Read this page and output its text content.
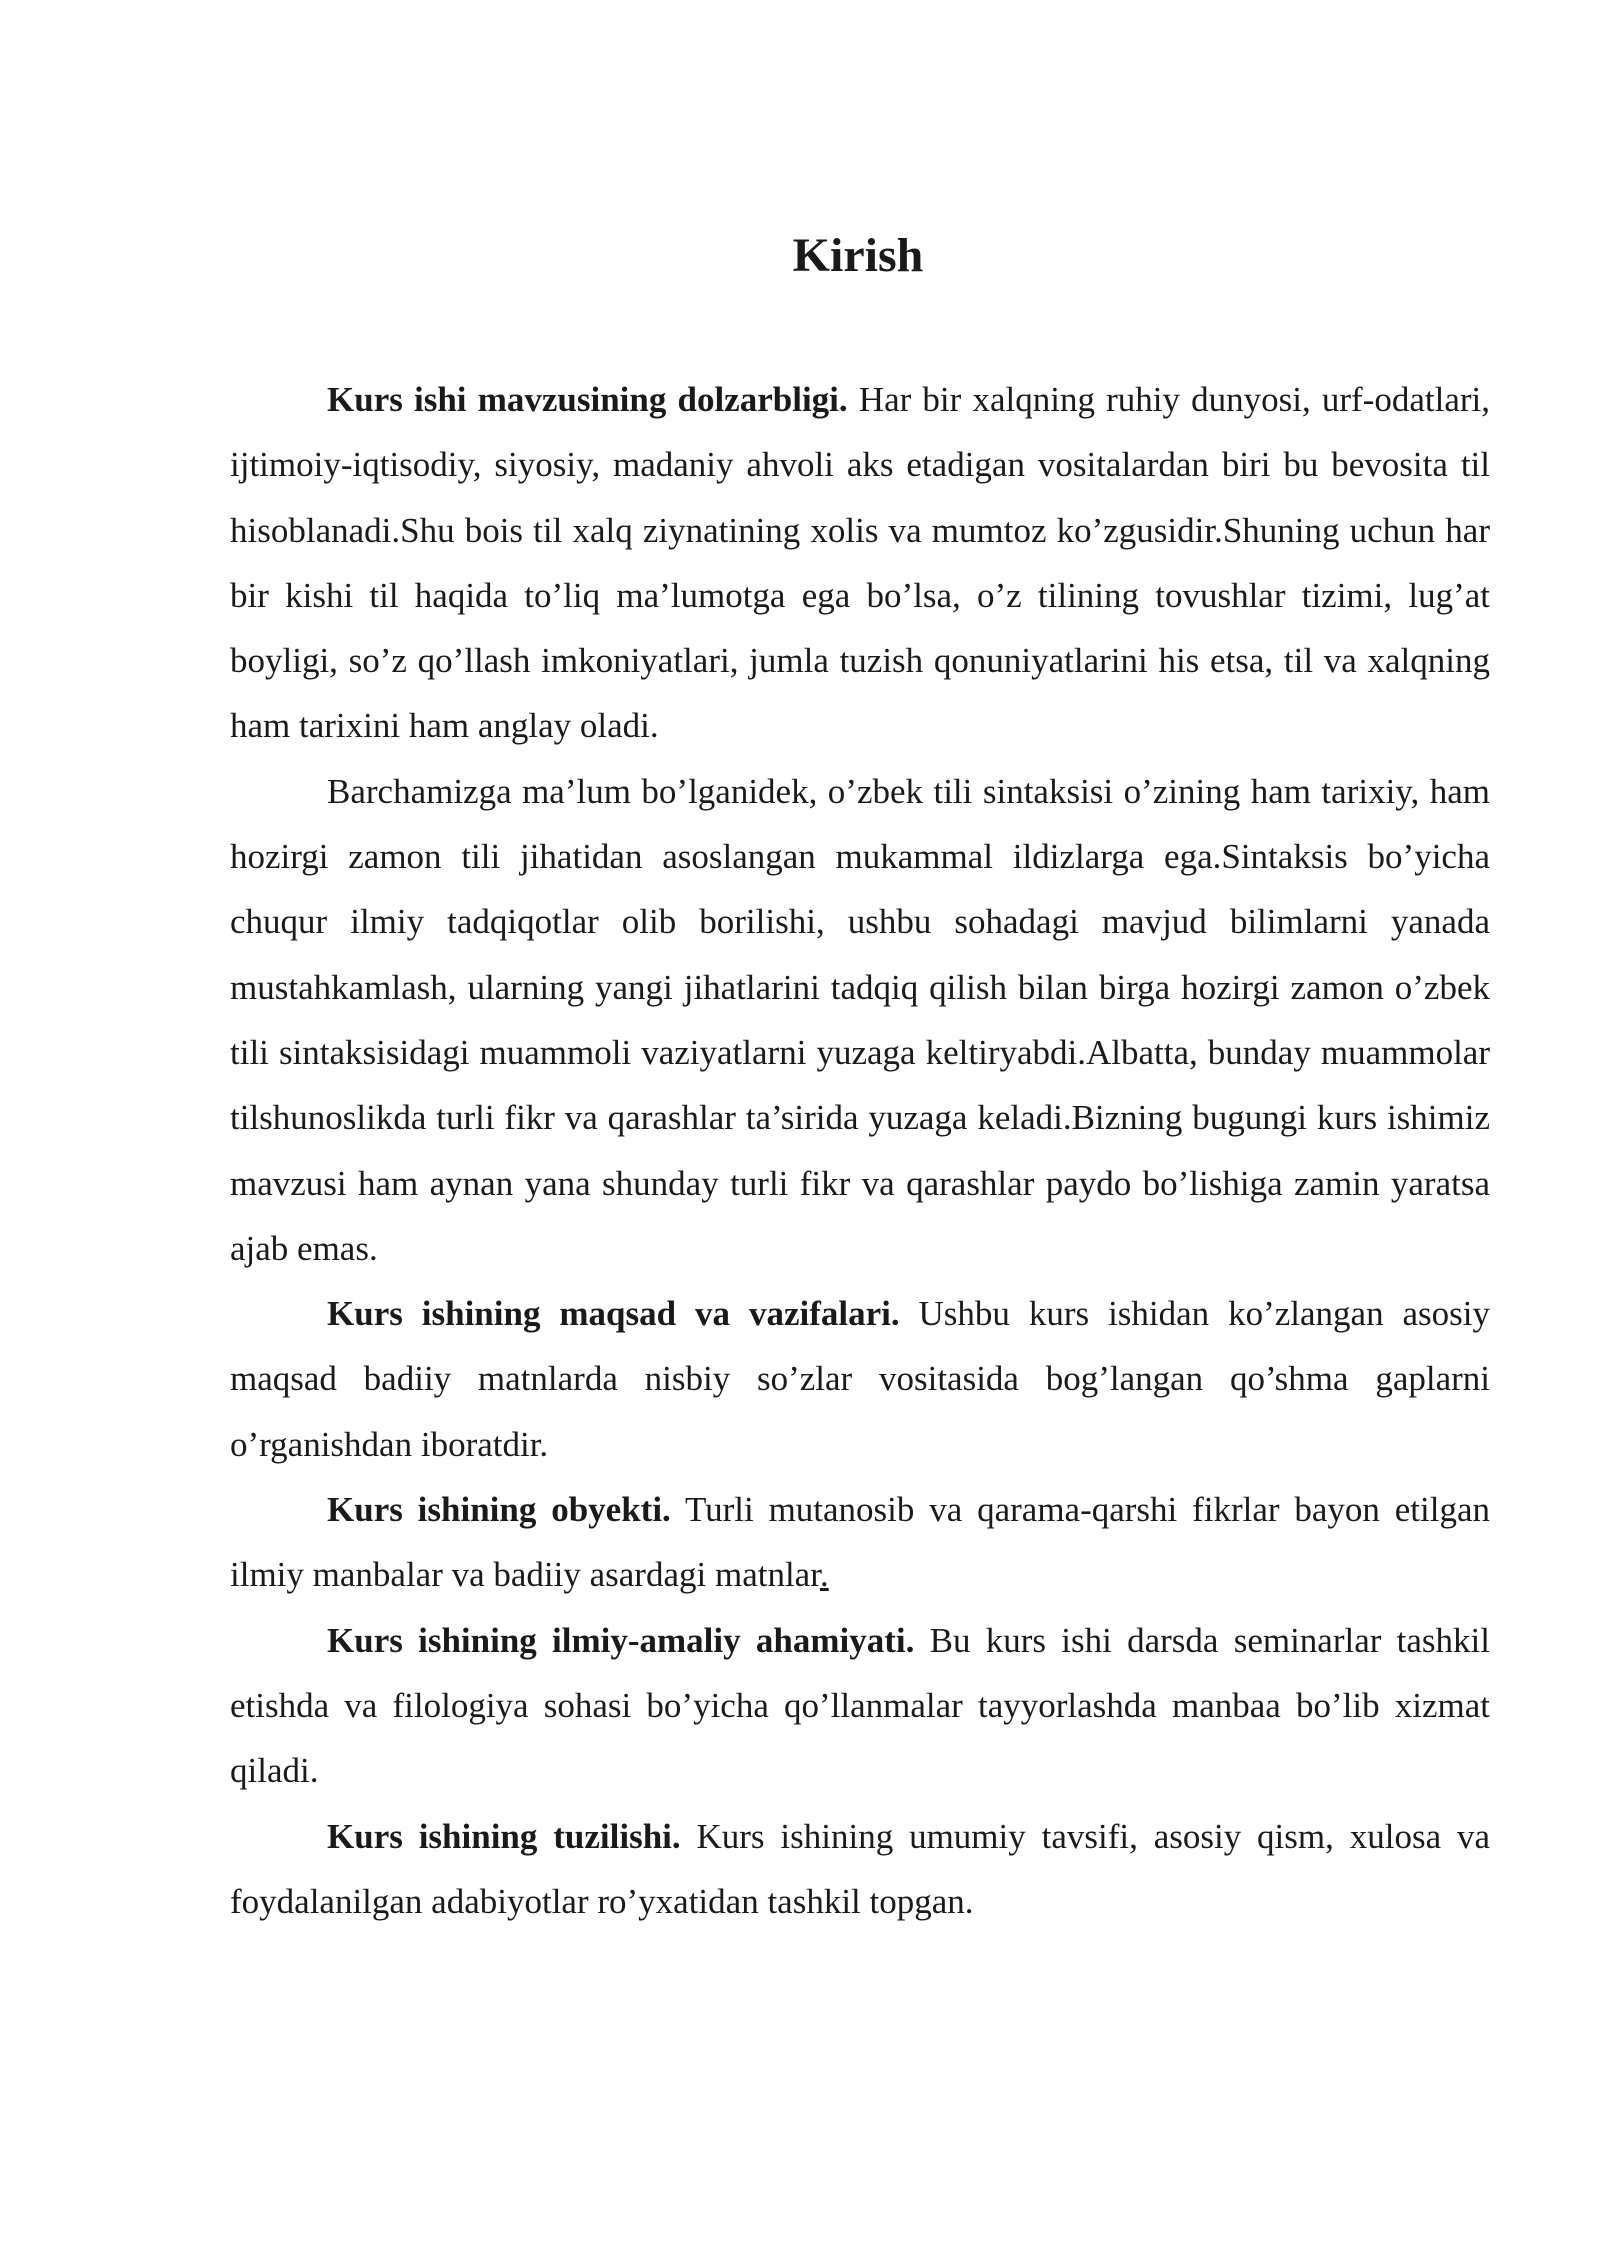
Kirish

Kurs ishi mavzusining dolzarbligi. Har bir xalqning ruhiy dunyosi, urf-odatlari, ijtimoiy-iqtisodiy, siyosiy, madaniy ahvoli aks etadigan vositalardan biri bu bevosita til hisoblanadi.Shu bois til xalq ziynatining xolis va mumtoz ko’zgusidir.Shuning uchun har bir kishi til haqida to’liq ma’lumotga ega bo’lsa, o’z tilining tovushlar tizimi, lug’at boyligi, so’z qo’llash imkoniyatlari, jumla tuzish qonuniyatlarini his etsa, til va xalqning ham tarixini ham anglay oladi.

Barchamizga ma’lum bo’lganidek, o’zbek tili sintaksisi o’zining ham tarixiy, ham hozirgi zamon tili jihatidan asoslangan mukammal ildizlarga ega.Sintaksis bo’yicha chuqur ilmiy tadqiqotlar olib borilishi, ushbu sohadagi mavjud bilimlarni yanada mustahkamlash, ularning yangi jihatlarini tadqiq qilish bilan birga hozirgi zamon o’zbek tili sintaksisidagi muammoli vaziyatlarni yuzaga keltiryabdi.Albatta, bunday muammolar tilshunoslikda turli fikr va qarashlar ta’sirida yuzaga keladi.Bizning bugungi kurs ishimiz mavzusi ham aynan yana shunday turli fikr va qarashlar paydo bo’lishiga zamin yaratsa ajab emas.

Kurs ishining maqsad va vazifalari. Ushbu kurs ishidan ko’zlangan asosiy maqsad badiiy matnlarda nisbiy so’zlar vositasida bog’langan qo’shma gaplarni o’rganishdan iboratdir.

Kurs ishining obyekti. Turli mutanosib va qarama-qarshi fikrlar bayon etilgan ilmiy manbalar va badiiy asardagi matnlar.

Kurs ishining ilmiy-amaliy ahamiyati. Bu kurs ishi darsda seminarlar tashkil etishda va filologiya sohasi bo’yicha qo’llanmalar tayyorlashda manbaa bo’lib xizmat qiladi.

Kurs ishining tuzilishi. Kurs ishining umumiy tavsifi, asosiy qism, xulosa va foydalanilgan adabiyotlar ro’yxatidan tashkil topgan.
